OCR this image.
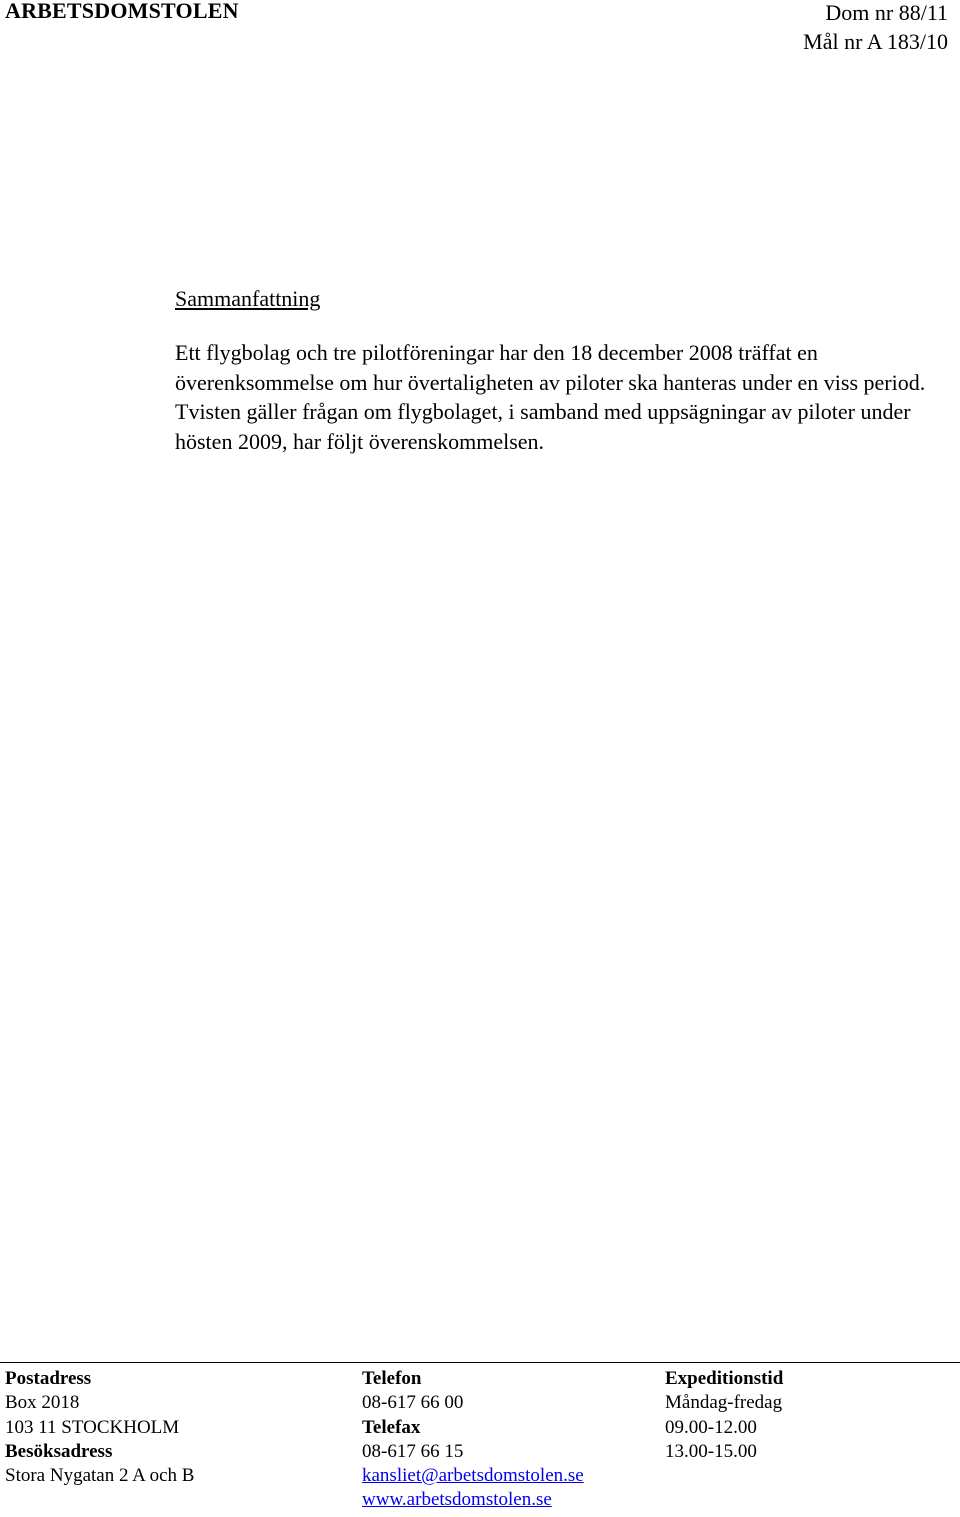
ARBETSDOMSTOLEN	Dom nr 88/11
Mål nr A 183/10
Sammanfattning

Ett flygbolag och tre pilotföreningar har den 18 december 2008 träffat en överenksommelse om hur övertaligheten av piloter ska hanteras under en viss period. Tvisten gäller frågan om flygbolaget, i samband med uppsägningar av piloter under hösten 2009, har följt överenskommelsen.

Postadress
Box 2018
103 11 STOCKHOLM
Besöksadress
Stora Nygatan 2 A och B
Telefon
08-617 66 00
Telefax
08-617 66 15
kansliet@arbetsdomstolen.se
www.arbetsdomstolen.se
Expeditionstid
Måndag-fredag
09.00-12.00
13.00-15.00
